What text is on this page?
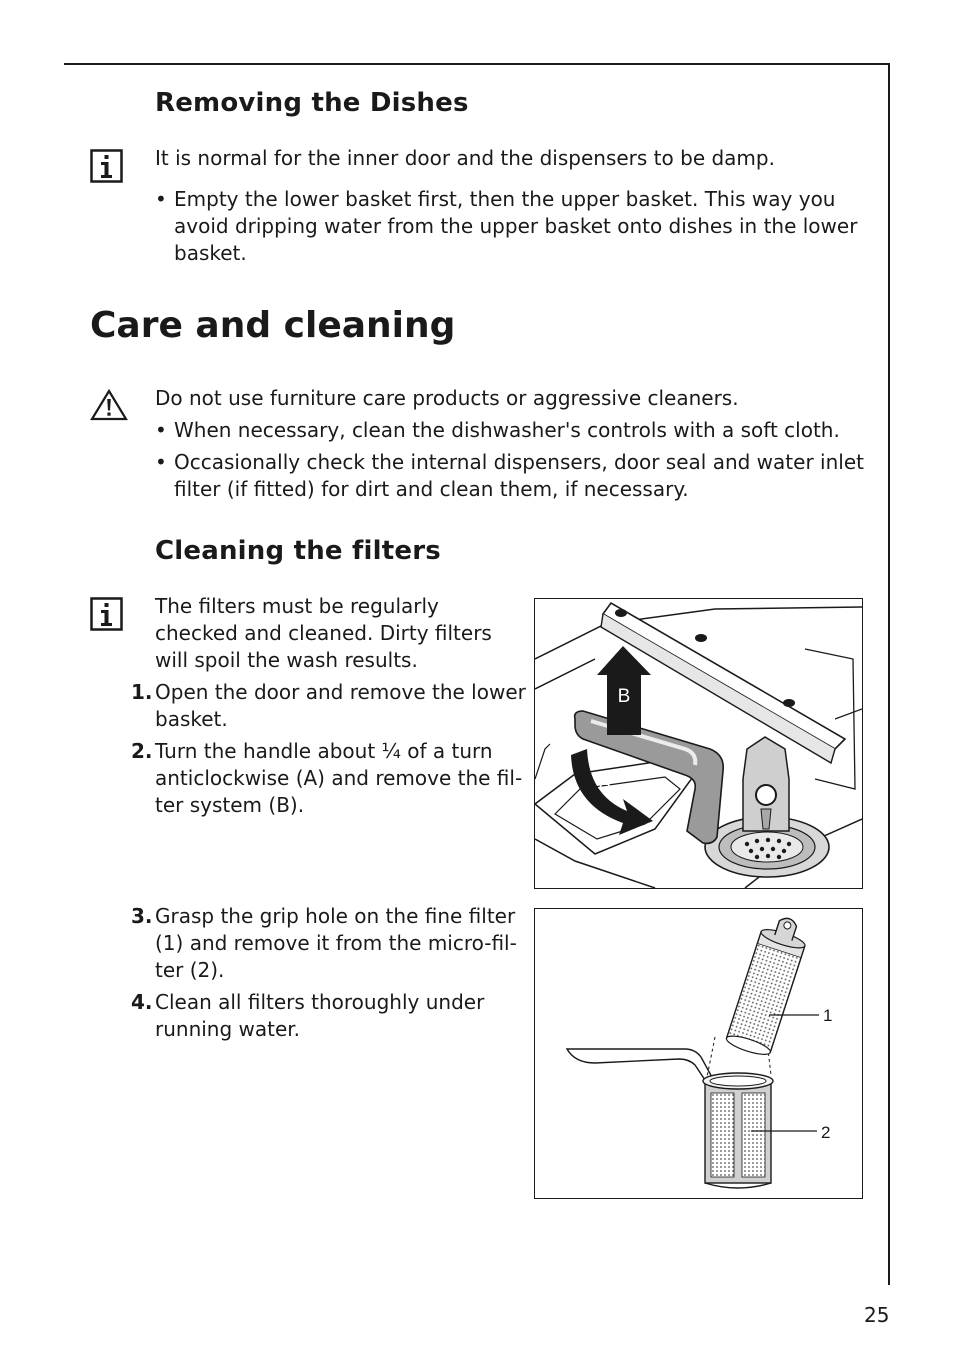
Removing the Dishes
It is normal for the inner door and the dispensers to be damp.
• Empty the lower basket first, then the upper basket. This way you avoid dripping water from the upper basket onto dishes in the lower basket.
Care and cleaning
Do not use furniture care products or aggressive cleaners.
• When necessary, clean the dishwasher's controls with a soft cloth.
• Occasionally check the internal dispensers, door seal and water inlet filter (if fitted) for dirt and clean them, if necessary.
Cleaning the filters
The filters must be regularly checked and cleaned. Dirty filters will spoil the wash results.
1. Open the door and remove the lower basket.
2. Turn the handle about ¼ of a turn anticlockwise (A) and remove the fil- ter system (B).
3. Grasp the grip hole on the fine filter (1) and remove it from the micro-fil- ter (2).
4. Clean all filters thoroughly under running water.
B
A
1
2
25
